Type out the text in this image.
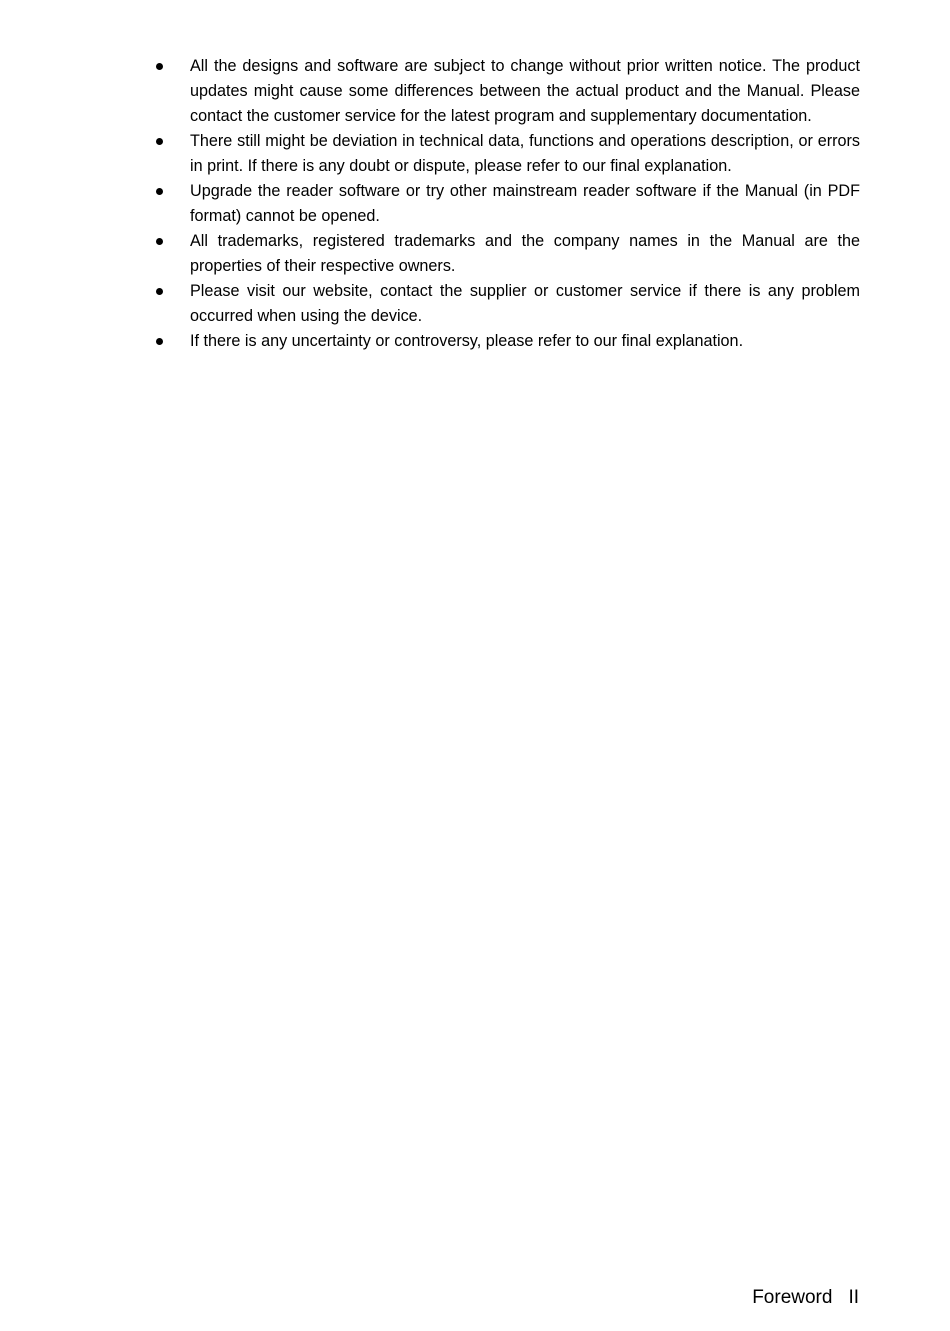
All the designs and software are subject to change without prior written notice. The product updates might cause some differences between the actual product and the Manual. Please contact the customer service for the latest program and supplementary documentation.
There still might be deviation in technical data, functions and operations description, or errors in print. If there is any doubt or dispute, please refer to our final explanation.
Upgrade the reader software or try other mainstream reader software if the Manual (in PDF format) cannot be opened.
All trademarks, registered trademarks and the company names in the Manual are the properties of their respective owners.
Please visit our website, contact the supplier or customer service if there is any problem occurred when using the device.
If there is any uncertainty or controversy, please refer to our final explanation.
Foreword II
